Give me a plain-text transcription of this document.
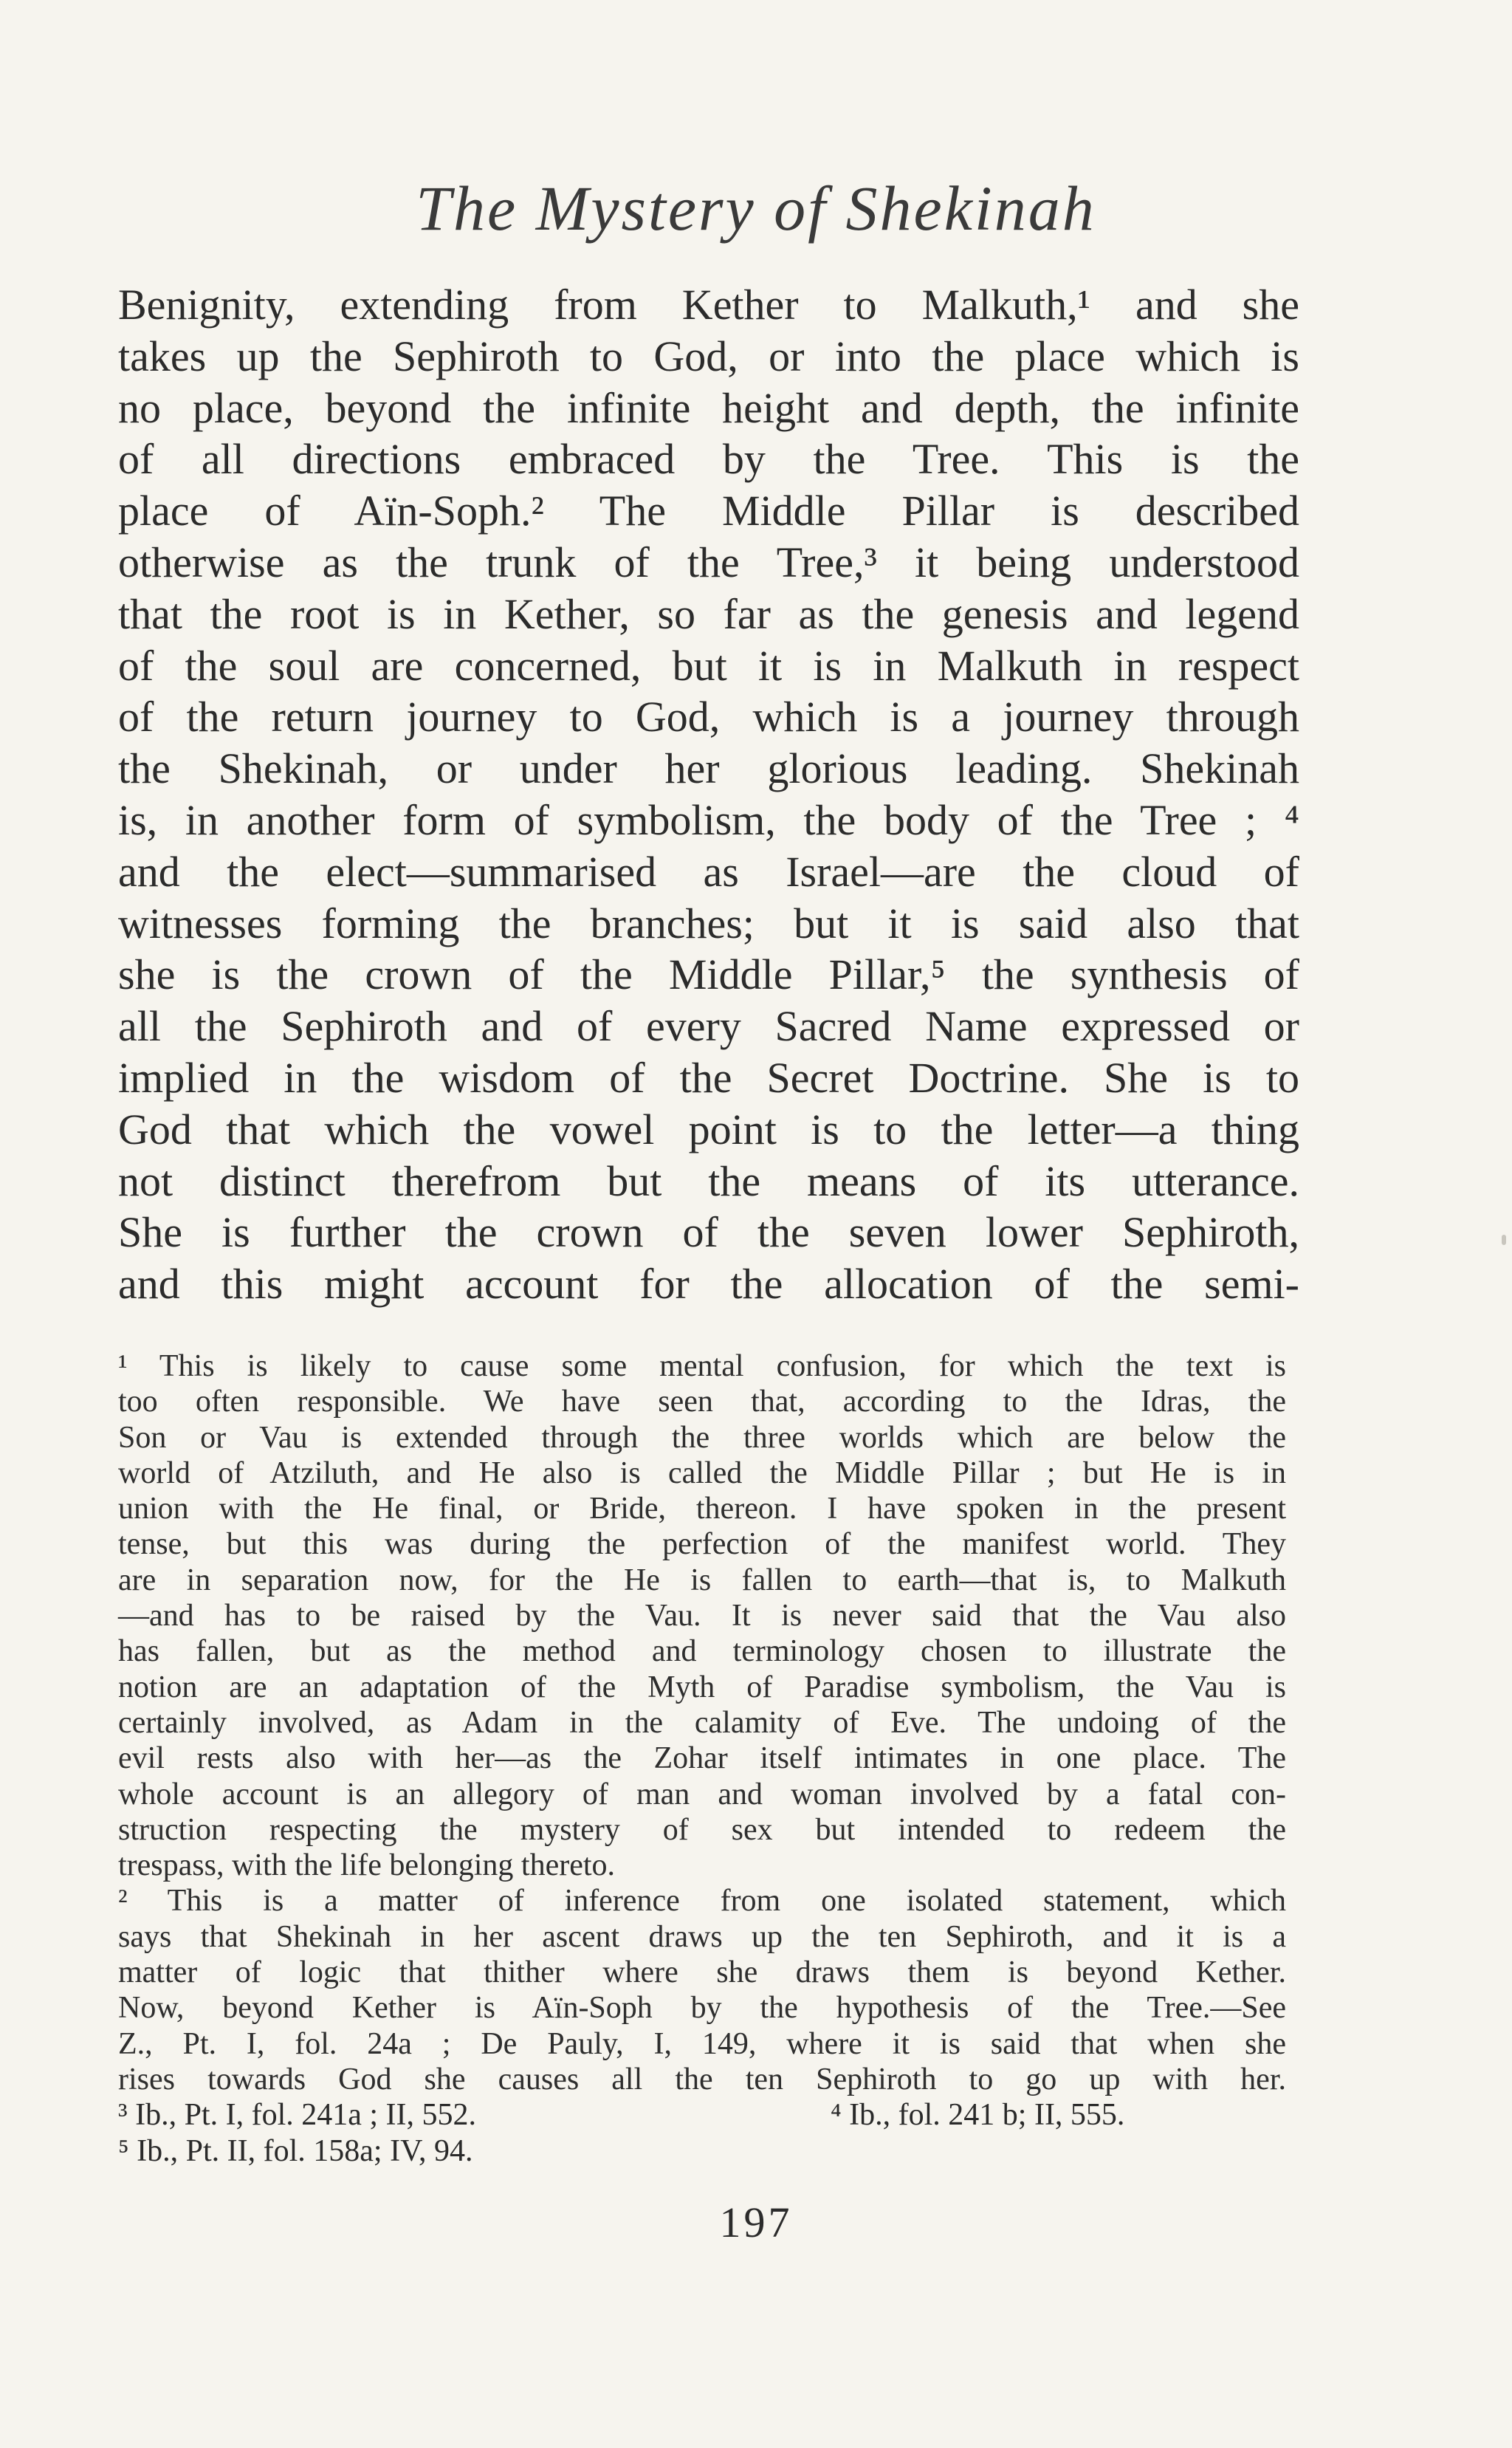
The Mystery of Shekinah
Benignity, extending from Kether to Malkuth,¹ and she
takes up the Sephiroth to God, or into the place which is
no place, beyond the infinite height and depth, the infinite
of all directions embraced by the Tree. This is the
place of Aïn-Soph.² The Middle Pillar is described
otherwise as the trunk of the Tree,³ it being understood
that the root is in Kether, so far as the genesis and legend
of the soul are concerned, but it is in Malkuth in respect
of the return journey to God, which is a journey through
the Shekinah, or under her glorious leading. Shekinah
is, in another form of symbolism, the body of the Tree ; ⁴
and the elect—summarised as Israel—are the cloud of
witnesses forming the branches; but it is said also that
she is the crown of the Middle Pillar,⁵ the synthesis of
all the Sephiroth and of every Sacred Name expressed or
implied in the wisdom of the Secret Doctrine. She is to
God that which the vowel point is to the letter—a thing
not distinct therefrom but the means of its utterance.
She is further the crown of the seven lower Sephiroth,
and this might account for the allocation of the semi-
¹ This is likely to cause some mental confusion, for which the text is
too often responsible. We have seen that, according to the Idras, the
Son or Vau is extended through the three worlds which are below the
world of Atziluth, and He also is called the Middle Pillar ; but He is in
union with the He final, or Bride, thereon. I have spoken in the present
tense, but this was during the perfection of the manifest world. They
are in separation now, for the He is fallen to earth—that is, to Malkuth
—and has to be raised by the Vau. It is never said that the Vau also
has fallen, but as the method and terminology chosen to illustrate the
notion are an adaptation of the Myth of Paradise symbolism, the Vau is
certainly involved, as Adam in the calamity of Eve. The undoing of the
evil rests also with her—as the Zohar itself intimates in one place. The
whole account is an allegory of man and woman involved by a fatal con-
struction respecting the mystery of sex but intended to redeem the
trespass, with the life belonging thereto.
² This is a matter of inference from one isolated statement, which
says that Shekinah in her ascent draws up the ten Sephiroth, and it is a
matter of logic that thither where she draws them is beyond Kether.
Now, beyond Kether is Aïn-Soph by the hypothesis of the Tree.—See
Z., Pt. I, fol. 24a ; De Pauly, I, 149, where it is said that when she
rises towards God she causes all the ten Sephiroth to go up with her.
³ Ib., Pt. I, fol. 241a ; II, 552.	⁴ Ib., fol. 241 b; II, 555.
⁵ Ib., Pt. II, fol. 158a; IV, 94.
197
